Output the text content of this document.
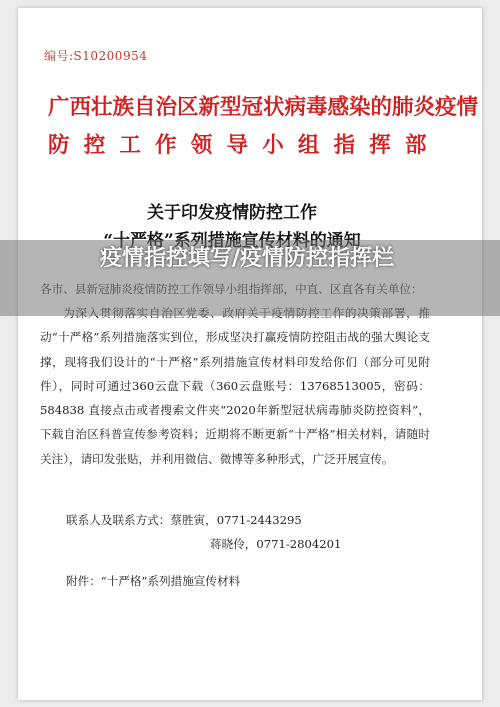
编号:S10200954
广西壮族自治区新型冠状病毒感染的肺炎疫情
防控工作领导小组指挥部
关于印发疫情防控工作
动“十严格”系列措施落实到位，形成坚决打赢疫情防控阻击战的强大舆论支撑，现将我们设计的“十严格”系列措施宣传材料印发给你们（部分可见附件），同时可通过360云盘下载（360云盘账号：13768513005，密码：584838 直接点击或者搜索文件夹“2020年新型冠状病毒肺炎防控资料”，下载自治区科普宣传参考资料；近期将不断更新“十严格”相关材料，请随时关注），请印发张贴，并利用微信、微博等多种形式，广泛开展宣传。
联系人及联系方式：蔡胜寅，0771-2443295
蒋晓伶，0771-2804201
附件：“十严格”系列措施宣传材料
疫情指控填写/疫情防控指挥栏
